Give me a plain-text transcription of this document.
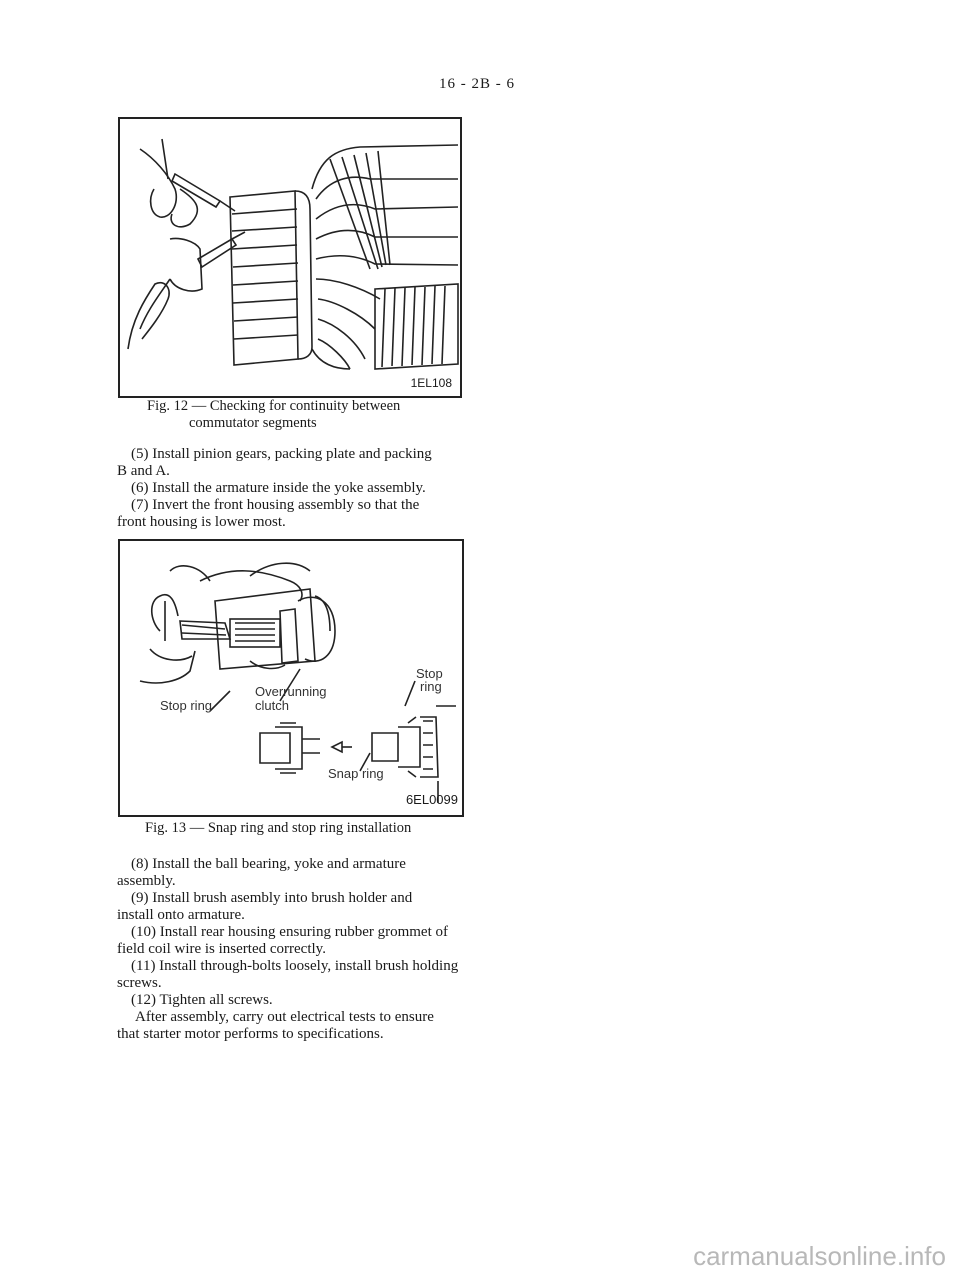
16 - 2B - 6
1EL108
Fig. 12 — Checking for continuity between
commutator segments
(5) Install pinion gears, packing plate and packing
B and A.
(6) Install the armature inside the yoke assembly.
(7) Invert the front housing assembly so that the
front housing is lower most.
Stop ring
Overrunning
clutch
Stop
ring
Snap ring
6EL0099
Fig. 13 — Snap ring and stop ring installation
(8) Install the ball bearing, yoke and armature
assembly.
(9) Install brush asembly into brush holder and
install onto armature.
(10) Install rear housing ensuring rubber grommet of
field coil wire is inserted correctly.
(11) Install through-bolts loosely, install brush holding
screws.
(12) Tighten all screws.
After assembly, carry out electrical tests to ensure
that starter motor performs to specifications.
carmanualsonline.info
